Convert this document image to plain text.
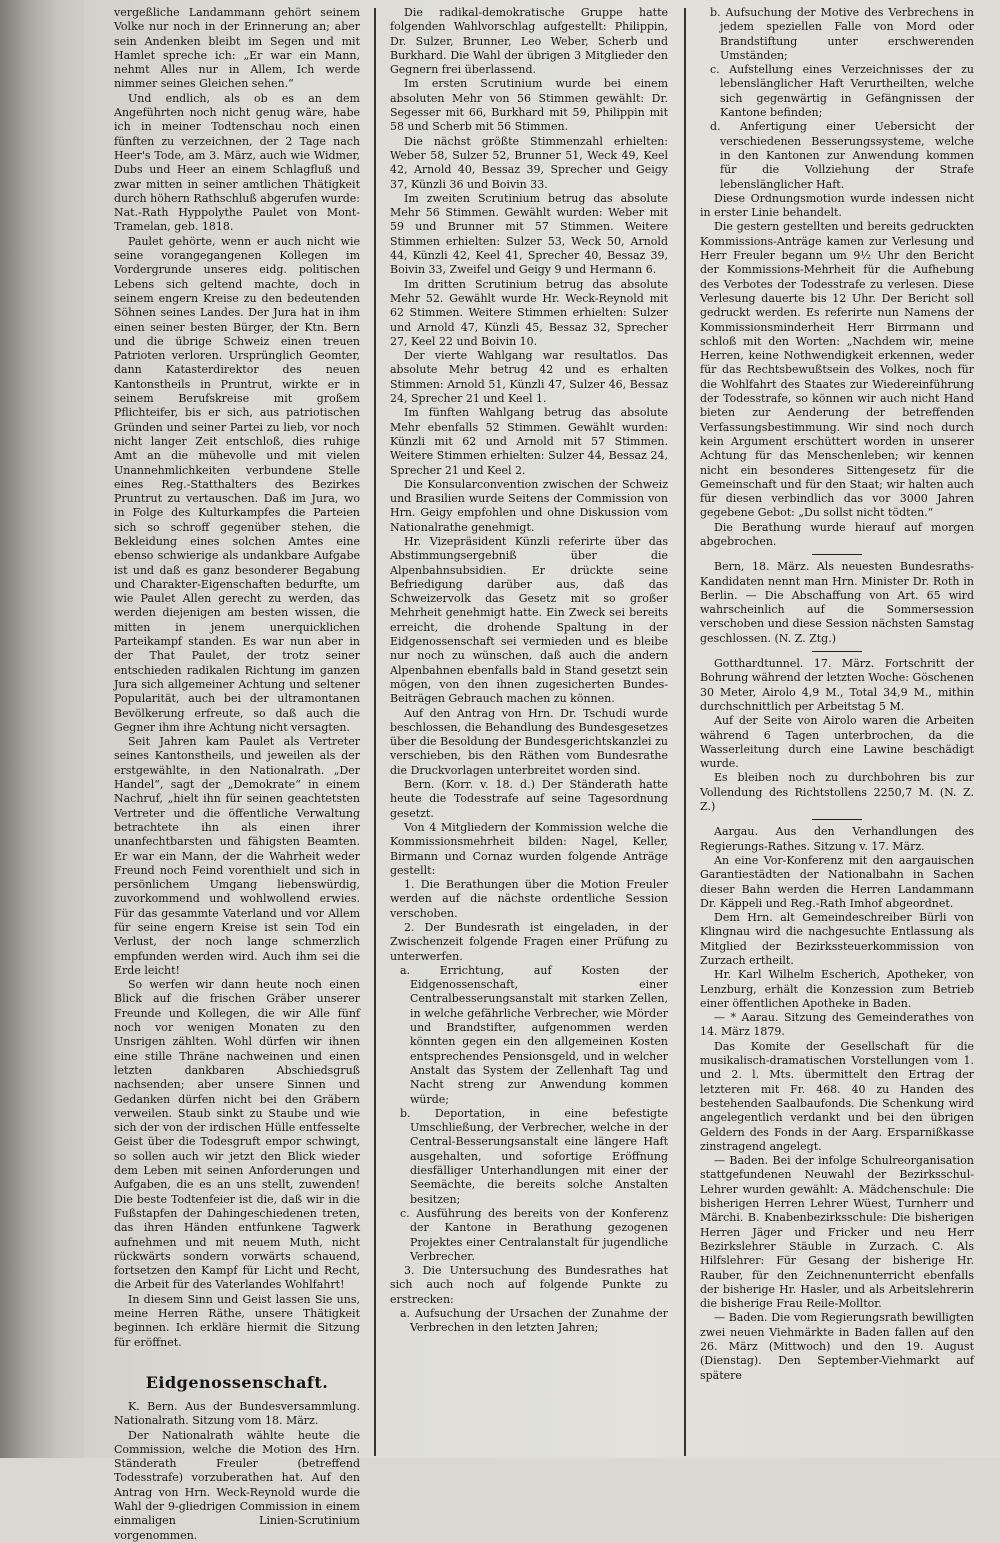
vergeßliche Landammann gehört seinem Volke nur noch in der Erinnerung an; aber sein Andenken bleibt im Segen und mit Hamlet spreche ich: „Er war ein Mann, nehmt Alles nur in Allem, Ich werde nimmer seines Gleichen sehen.“

Und endlich, als ob es an dem Angeführten noch nicht genug wäre, habe ich in meiner Todtenschau noch einen fünften zu verzeichnen, der 2 Tage nach Heer's Tode, am 3. März, auch wie Widmer, Dubs und Heer an einem Schlagfluß und zwar mitten in seiner amtlichen Thätigkeit durch höhern Rathschluß abgerufen wurde: Nat.-Rath Hyppolythe Paulet von Mont-Tramelan, geb. 1818.

Paulet gehörte, wenn er auch nicht wie seine vorangegangenen Kollegen im Vordergrunde unseres eidg. politischen Lebens sich geltend machte, doch in seinem engern Kreise zu den bedeutenden Söhnen seines Landes. Der Jura hat in ihm einen seiner besten Bürger, der Ktn. Bern und die übrige Schweiz einen treuen Patrioten verloren. Ursprünglich Geomter, dann Katasterdirektor des neuen Kantonstheils in Pruntrut, wirkte er in seinem Berufskreise mit großem Pflichteifer, bis er sich, aus patriotischen Gründen und seiner Partei zu lieb, vor noch nicht langer Zeit entschloß, dies ruhige Amt an die mühevolle und mit vielen Unannehmlichkeiten verbundene Stelle eines Reg.-Statthalters des Bezirkes Pruntrut zu vertauschen. Daß im Jura, wo in Folge des Kulturkampfes die Parteien sich so schroff gegenüber stehen, die Bekleidung eines solchen Amtes eine ebenso schwierige als undankbare Aufgabe ist und daß es ganz besonderer Begabung und Charakter-Eigenschaften bedurfte, um wie Paulet Allen gerecht zu werden, das werden diejenigen am besten wissen, die mitten in jenem unerquicklichen Parteikampf standen. Es war nun aber in der That Paulet, der trotz seiner entschieden radikalen Richtung im ganzen Jura sich allgemeiner Achtung und seltener Popularität, auch bei der ultramontanen Bevölkerung erfreute, so daß auch die Gegner ihm ihre Achtung nicht versagten.

Seit Jahren kam Paulet als Vertreter seines Kantonstheils, und jeweilen als der erstgewählte, in den Nationalrath. „Der Handel“, sagt der „Demokrate“ in einem Nachruf, „hielt ihn für seinen geachtetsten Vertreter und die öffentliche Verwaltung betrachtete ihn als einen ihrer unanfechtbarsten und fähigsten Beamten. Er war ein Mann, der die Wahrheit weder Freund noch Feind vorenthielt und sich in persönlichem Umgang liebenswürdig, zuvorkommend und wohlwollend erwies. Für das gesammte Vaterland und vor Allem für seine engern Kreise ist sein Tod ein Verlust, der noch lange schmerzlich empfunden werden wird. Auch ihm sei die Erde leicht!

So werfen wir dann heute noch einen Blick auf die frischen Gräber unserer Freunde und Kollegen, die wir Alle fünf noch vor wenigen Monaten zu den Unsrigen zählten. Wohl dürfen wir ihnen eine stille Thräne nachweinen und einen letzten dankbaren Abschiedsgruß nachsenden; aber unsere Sinnen und Gedanken dürfen nicht bei den Gräbern verweilen. Staub sinkt zu Staube und wie sich der von der irdischen Hülle entfesselte Geist über die Todesgruft empor schwingt, so sollen auch wir jetzt den Blick wieder dem Leben mit seinen Anforderungen und Aufgaben, die es an uns stellt, zuwenden! Die beste Todtenfeier ist die, daß wir in die Fußstapfen der Dahingeschiedenen treten, das ihren Händen entfunkene Tagwerk aufnehmen und mit neuem Muth, nicht rückwärts sondern vorwärts schauend, fortsetzen den Kampf für Licht und Recht, die Arbeit für des Vaterlandes Wohlfahrt!

In diesem Sinn und Geist lassen Sie uns, meine Herren Räthe, unsere Thätigkeit beginnen. Ich erkläre hiermit die Sitzung für eröffnet.

Eidgenossenschaft.

K. Bern. Aus der Bundesversammlung. Nationalrath. Sitzung vom 18. März.

Der Nationalrath wählte heute die Commission, welche die Motion des Hrn. Ständerath Freuler (betreffend Todesstrafe) vorzuberathen hat. Auf den Antrag von Hrn. Weck-Reynold wurde die Wahl der 9-gliedrigen Commission in einem einmaligen Linien-Scrutinium vorgenommen.

Die radikal-demokratische Gruppe hatte folgenden Wahlvorschlag aufgestellt: Philippin, Dr. Sulzer, Brunner, Leo Weber, Scherb und Burkhard. Die Wahl der übrigen 3 Mitglieder den Gegnern frei überlassend.

Im ersten Scrutinium wurde bei einem absoluten Mehr von 56 Stimmen gewählt: Dr. Segesser mit 66, Burkhard mit 59, Philippin mit 58 und Scherb mit 56 Stimmen.

Die nächst größte Stimmenzahl erhielten: Weber 58, Sulzer 52, Brunner 51, Weck 49, Keel 42, Arnold 40, Bessaz 39, Sprecher und Geigy 37, Künzli 36 und Boivin 33.

Im zweiten Scrutinium betrug das absolute Mehr 56 Stimmen. Gewählt wurden: Weber mit 59 und Brunner mit 57 Stimmen. Weitere Stimmen erhielten: Sulzer 53, Weck 50, Arnold 44, Künzli 42, Keel 41, Sprecher 40, Bessaz 39, Boivin 33, Zweifel und Geigy 9 und Hermann 6.

Im dritten Scrutinium betrug das absolute Mehr 52. Gewählt wurde Hr. Weck-Reynold mit 62 Stimmen. Weitere Stimmen erhielten: Sulzer und Arnold 47, Künzli 45, Bessaz 32, Sprecher 27, Keel 22 und Boivin 10.

Der vierte Wahlgang war resultatlos. Das absolute Mehr betrug 42 und es erhalten Stimmen: Arnold 51, Künzli 47, Sulzer 46, Bessaz 24, Sprecher 21 und Keel 1.

Im fünften Wahlgang betrug das absolute Mehr ebenfalls 52 Stimmen. Gewählt wurden: Künzli mit 62 und Arnold mit 57 Stimmen. Weitere Stimmen erhielten: Sulzer 44, Bessaz 24, Sprecher 21 und Keel 2.

Die Konsularconvention zwischen der Schweiz und Brasilien wurde Seitens der Commission von Hrn. Geigy empfohlen und ohne Diskussion vom Nationalrathe genehmigt.

Hr. Vizepräsident Künzli referirte über das Abstimmungsergebniß über die Alpenbahnsubsidien. Er drückte seine Befriedigung darüber aus, daß das Schweizervolk das Gesetz mit so großer Mehrheit genehmigt hatte. Ein Zweck sei bereits erreicht, die drohende Spaltung in der Eidgenossenschaft sei vermieden und es bleibe nur noch zu wünschen, daß auch die andern Alpenbahnen ebenfalls bald in Stand gesetzt sein mögen, von den ihnen zugesicherten Bundes-Beiträgen Gebrauch machen zu können.

Auf den Antrag von Hrn. Dr. Tschudi wurde beschlossen, die Behandlung des Bundesgesetzes über die Besoldung der Bundesgerichtskanzlei zu verschieben, bis den Räthen vom Bundesrathe die Druckvorlagen unterbreitet worden sind.

Bern. (Korr. v. 18. d.) Der Ständerath hatte heute die Todesstrafe auf seine Tagesordnung gesetzt.

Von 4 Mitgliedern der Kommission welche die Kommissionsmehrheit bilden: Nagel, Keller, Birmann und Cornaz wurden folgende Anträge gestellt:

1. Die Berathungen über die Motion Freuler werden auf die nächste ordentliche Session verschoben.

2. Der Bundesrath ist eingeladen, in der Zwischenzeit folgende Fragen einer Prüfung zu unterwerfen.

a. Errichtung, auf Kosten der Eidgenossenschaft, einer Centralbesserungsanstalt mit starken Zellen, in welche gefährliche Verbrecher, wie Mörder und Brandstifter, aufgenommen werden könnten gegen ein den allgemeinen Kosten entsprechendes Pensionsgeld, und in welcher Anstalt das System der Zellenhaft Tag und Nacht streng zur Anwendung kommen würde;
b. Deportation, in eine befestigte Umschließung, der Verbrecher, welche in der Central-Besserungsanstalt eine längere Haft ausgehalten, und sofortige Eröffnung diesfälliger Unterhandlungen mit einer der Seemächte, die bereits solche Anstalten besitzen;
c. Ausführung des bereits von der Konferenz der Kantone in Berathung gezogenen Projektes einer Centralanstalt für jugendliche Verbrecher.

3. Die Untersuchung des Bundesrathes hat sich auch noch auf folgende Punkte zu erstrecken:

a. Aufsuchung der Ursachen der Zunahme der Verbrechen in den letzten Jahren;
b. Aufsuchung der Motive des Verbrechens in jedem speziellen Falle von Mord oder Brandstiftung unter erschwerenden Umständen;
c. Aufstellung eines Verzeichnisses der zu lebenslänglicher Haft Verurtheilten, welche sich gegenwärtig in Gefängnissen der Kantone befinden;
d. Anfertigung einer Uebersicht der verschiedenen Besserungssysteme, welche in den Kantonen zur Anwendung kommen für die Vollziehung der Strafe lebenslänglicher Haft.

Diese Ordnungsmotion wurde indessen nicht in erster Linie behandelt.

Die gestern gestellten und bereits gedruckten Kommissions-Anträge kamen zur Verlesung und Herr Freuler begann um 9½ Uhr den Bericht der Kommissions-Mehrheit für die Aufhebung des Verbotes der Todesstrafe zu verlesen. Diese Verlesung dauerte bis 12 Uhr. Der Bericht soll gedruckt werden. Es referirte nun Namens der Kommissionsminderheit Herr Birrmann und schloß mit den Worten: „Nachdem wir, meine Herren, keine Nothwendigkeit erkennen, weder für das Rechtsbewußtsein des Volkes, noch für die Wohlfahrt des Staates zur Wiedereinführung der Todesstrafe, so können wir auch nicht Hand bieten zur Aenderung der betreffenden Verfassungsbestimmung. Wir sind noch durch kein Argument erschüttert worden in unserer Achtung für das Menschenleben; wir kennen nicht ein besonderes Sittengesetz für die Gemeinschaft und für den Staat; wir halten auch für diesen verbindlich das vor 3000 Jahren gegebene Gebot: „Du sollst nicht tödten.“

Die Berathung wurde hierauf auf morgen abgebrochen.

Bern, 18. März. Als neuesten Bundesraths-Kandidaten nennt man Hrn. Minister Dr. Roth in Berlin. — Die Abschaffung von Art. 65 wird wahrscheinlich auf die Sommersession verschoben und diese Session nächsten Samstag geschlossen. (N. Z. Ztg.)

Gotthardtunnel. 17. März. Fortschritt der Bohrung während der letzten Woche: Göschenen 30 Meter, Airolo 4,9 M., Total 34,9 M., mithin durchschnittlich per Arbeitstag 5 M.

Auf der Seite von Airolo waren die Arbeiten während 6 Tagen unterbrochen, da die Wasserleitung durch eine Lawine beschädigt wurde.

Es bleiben noch zu durchbohren bis zur Vollendung des Richtstollens 2250,7 M. (N. Z. Z.)

Aargau. Aus den Verhandlungen des Regierungs-Rathes. Sitzung v. 17. März.

An eine Vor-Konferenz mit den aargauischen Garantiestädten der Nationalbahn in Sachen dieser Bahn werden die Herren Landammann Dr. Käppeli und Reg.-Rath Imhof abgeordnet.

Dem Hrn. alt Gemeindeschreiber Bürli von Klingnau wird die nachgesuchte Entlassung als Mitglied der Bezirkssteuerkommission von Zurzach ertheilt.

Hr. Karl Wilhelm Escherich, Apotheker, von Lenzburg, erhält die Konzession zum Betrieb einer öffentlichen Apotheke in Baden.

— * Aarau. Sitzung des Gemeinderathes von 14. März 1879.

Das Komite der Gesellschaft für die musikalisch-dramatischen Vorstellungen vom 1. und 2. l. Mts. übermittelt den Ertrag der letzteren mit Fr. 468. 40 zu Handen des bestehenden Saalbaufonds. Die Schenkung wird angelegentlich verdankt und bei den übrigen Geldern des Fonds in der Aarg. Ersparnißkasse zinstragend angelegt.

— Baden. Bei der infolge Schulreorganisation stattgefundenen Neuwahl der Bezirksschul-Lehrer wurden gewählt: A. Mädchenschule: Die bisherigen Herren Lehrer Wüest, Turnherr und Märchi. B. Knabenbezirksschule: Die bisherigen Herren Jäger und Fricker und neu Herr Bezirkslehrer Stäuble in Zurzach. C. Als Hilfslehrer: Für Gesang der bisherige Hr. Rauber, für den Zeichnenunterricht ebenfalls der bisherige Hr. Hasler, und als Arbeitslehrerin die bisherige Frau Reile-Molltor.

— Baden. Die vom Regierungsrath bewilligten zwei neuen Viehmärkte in Baden fallen auf den 26. März (Mittwoch) und den 19. August (Dienstag). Den September-Viehmarkt auf spätere
